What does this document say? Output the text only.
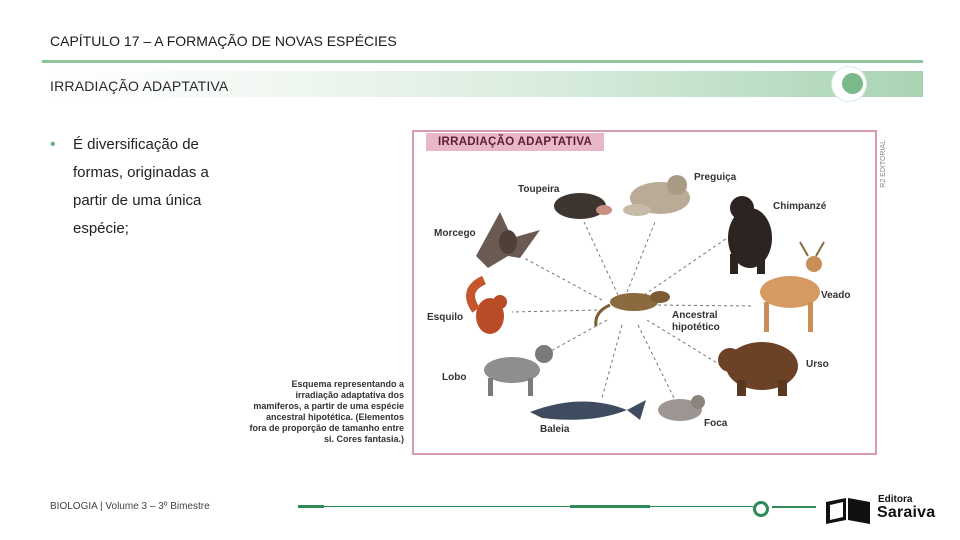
CAPÍTULO 17 – A FORMAÇÃO DE NOVAS ESPÉCIES
IRRADIAÇÃO ADAPTATIVA
•	É diversificação de
formas, originadas a
partir de uma única
espécie;
IRRADIAÇÃO ADAPTATIVA	R2 EDITORIAL
Toupeira
Preguiça
Chimpanzé
Morcego
Veado
Esquilo	Ancestral
hipotético
Urso
Lobo
Baleia
Foca
Esquema representando a
irradiação adaptativa dos
mamíferos, a partir de uma espécie
ancestral hipotética. (Elementos
fora de proporção de tamanho entre
si. Cores fantasia.)
BIOLOGIA | Volume 3 – 3º Bimestre
Editora
Saraiva
